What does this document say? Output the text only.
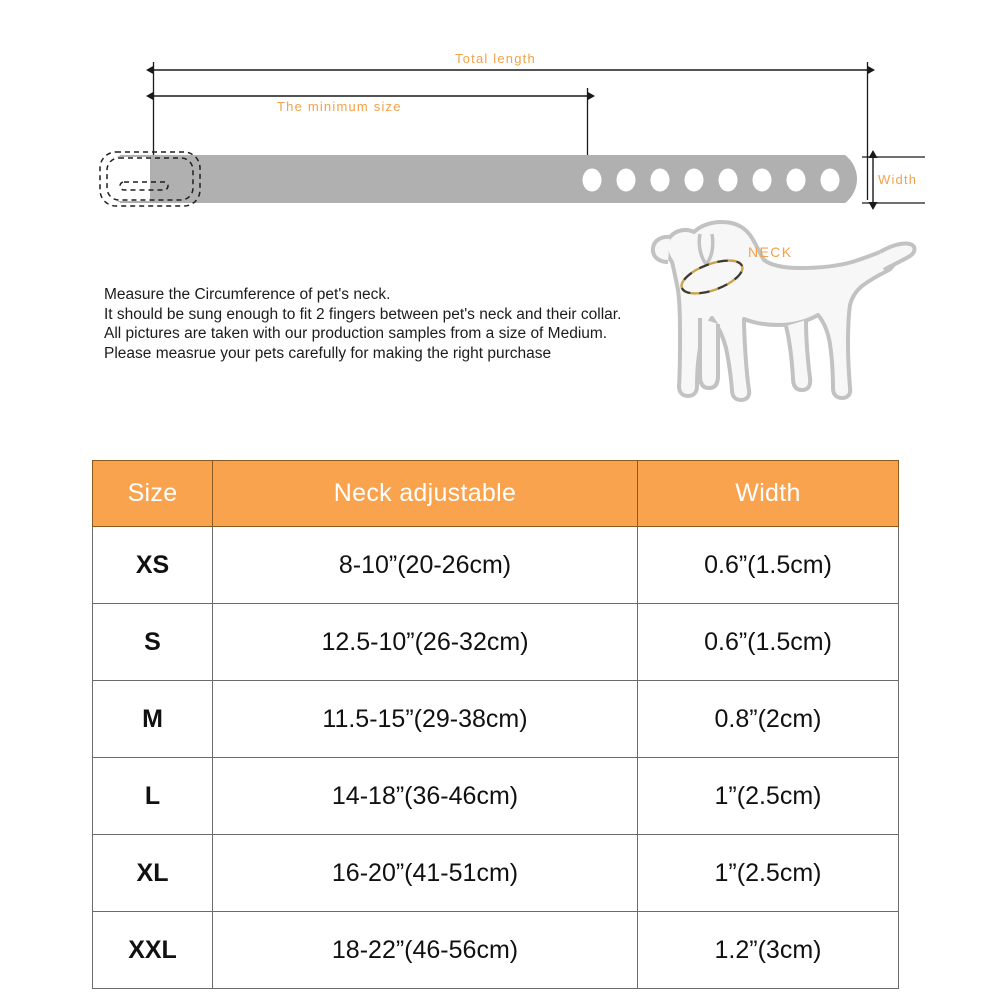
Total length
The minimum size
Width
NECK
Measure the Circumference of pet's neck.
It should be sung enough to fit 2 fingers between pet's neck and their collar.
All pictures are taken with our production samples from a size of Medium.
Please measrue your pets carefully for making the right purchase
Size	Neck adjustable	Width
XS	8-10”(20-26cm)	0.6”(1.5cm)
S	12.5-10”(26-32cm)	0.6”(1.5cm)
M	11.5-15”(29-38cm)	0.8”(2cm)
L	14-18”(36-46cm)	1”(2.5cm)
XL	16-20”(41-51cm)	1”(2.5cm)
XXL	18-22”(46-56cm)	1.2”(3cm)
